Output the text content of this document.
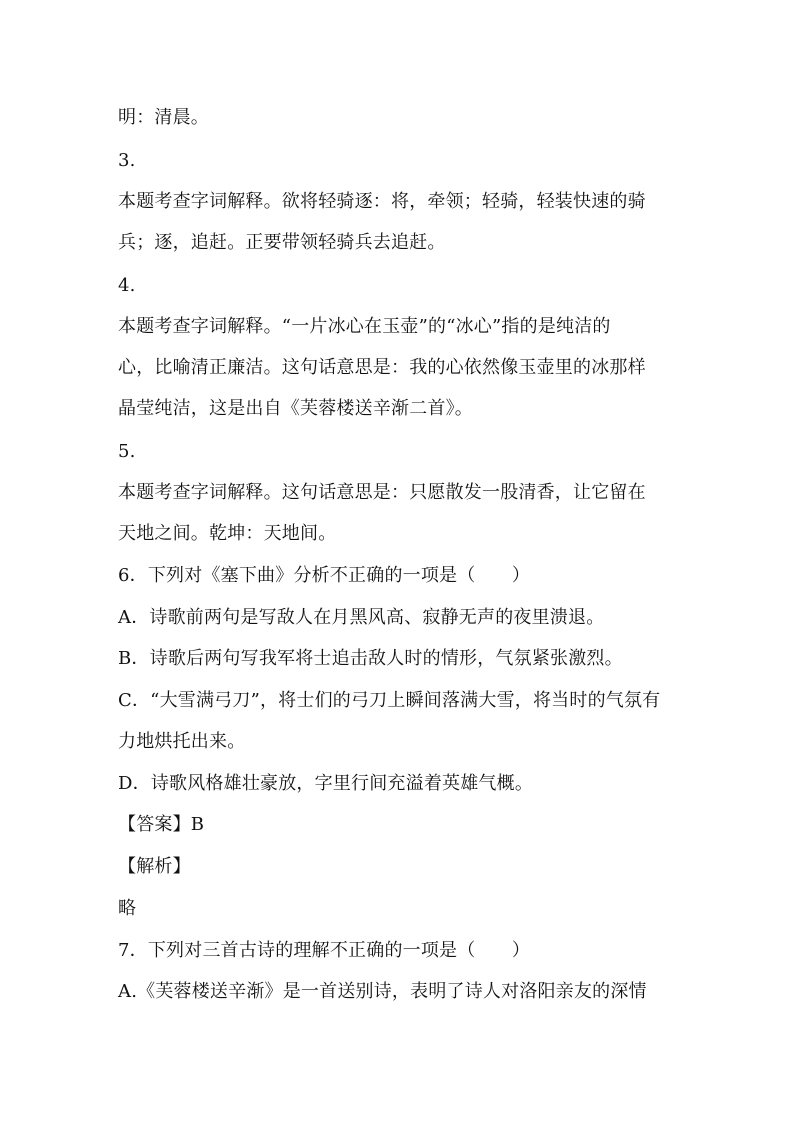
明：清晨。
3.
本题考查字词解释。欲将轻骑逐：将，牵领；轻骑，轻装快速的骑
兵；逐，追赶。正要带领轻骑兵去追赶。
4.
本题考查字词解释。“一片冰心在玉壶”的“冰心”指的是纯洁的
心，比喻清正廉洁。这句话意思是：我的心依然像玉壶里的冰那样
晶莹纯洁，这是出自《芙蓉楼送辛渐二首》。
5.
本题考查字词解释。这句话意思是：只愿散发一股清香，让它留在
天地之间。乾坤：天地间。
6．下列对《塞下曲》分析不正确的一项是（　　）
A．诗歌前两句是写敌人在月黑风高、寂静无声的夜里溃退。
B．诗歌后两句写我军将士追击敌人时的情形，气氛紧张激烈。
C．“大雪满弓刀”，将士们的弓刀上瞬间落满大雪，将当时的气氛有
力地烘托出来。
D．诗歌风格雄壮豪放，字里行间充溢着英雄气概。
【答案】B
【解析】
略
7．下列对三首古诗的理解不正确的一项是（　　）
A.《芙蓉楼送辛渐》是一首送别诗，表明了诗人对洛阳亲友的深情
